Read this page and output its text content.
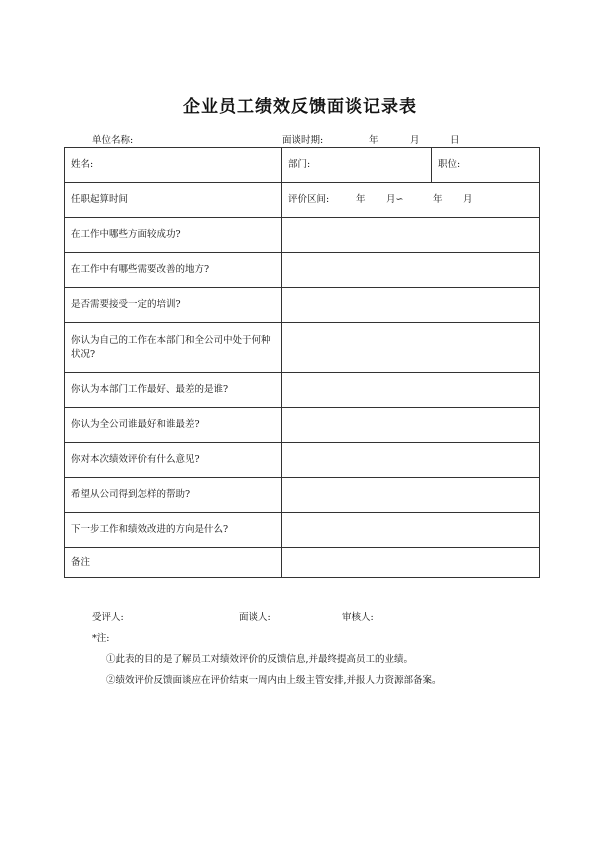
企业员工绩效反馈面谈记录表
单位名称:	面谈时期:	年	月	日
姓名:	部门:	职位:
任职起算时间	评价区间: 年 月∽ 年 月	
在工作中哪些方面较成功?		
在工作中有哪些需要改善的地方?		
是否需要接受一定的培训?		
你认为自己的工作在本部门和全公司中处于何种状况?		
你认为本部门工作最好、最差的是谁?		
你认为全公司谁最好和谁最差?		
你对本次绩效评价有什么意见?		
希望从公司得到怎样的帮助?		
下一步工作和绩效改进的方向是什么?		
备注		
受评人:	面谈人:	审核人:
*注:
①此表的目的是了解员工对绩效评价的反馈信息,并最终提高员工的业绩。
②绩效评价反馈面谈应在评价结束一周内由上级主管安排,并报人力资源部备案。
